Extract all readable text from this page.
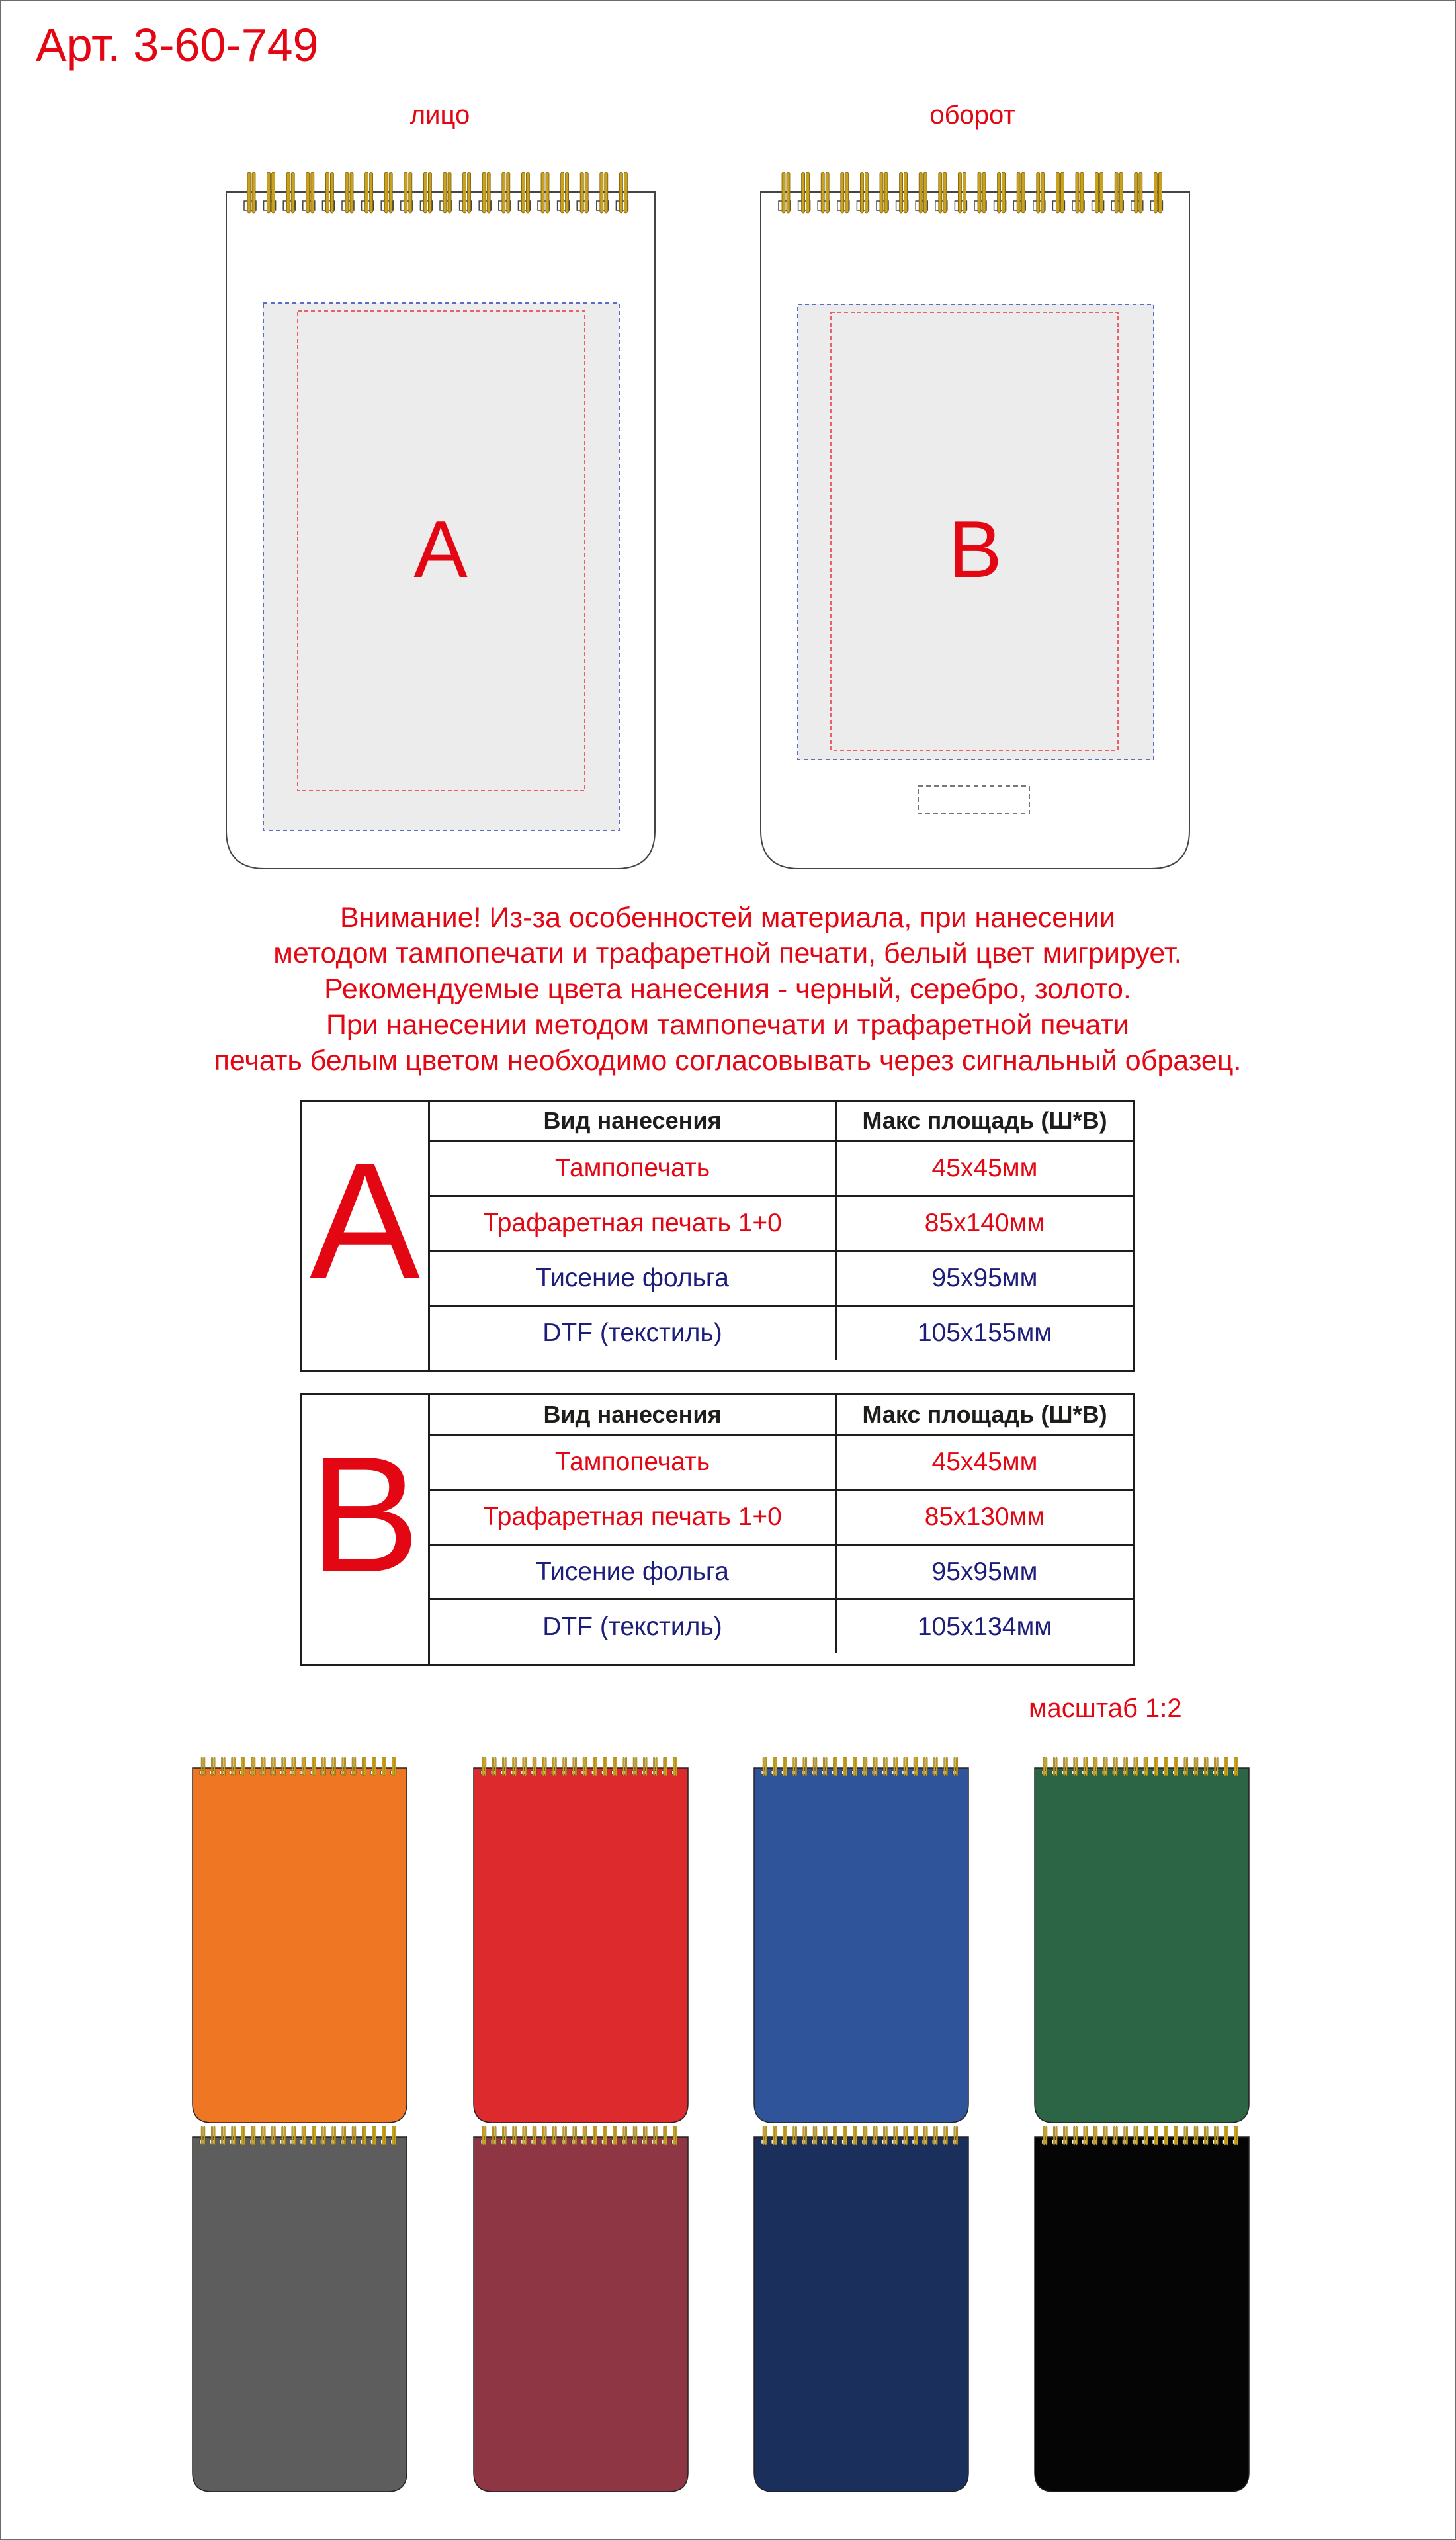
Арт. 3-60-749
лицо	оборот
A	B

Внимание! Из-за особенностей материала, при нанесении

методом тампопечати и трафаретной печати, белый цвет мигрирует.

Рекомендуемые цвета нанесения - черный, серебро, золото.

При нанесении методом тампопечати и трафаретной печати

печать белым цветом необходимо согласовывать через сигнальный образец.

A
Вид нанесения	Макс площадь (Ш*В)
Тампопечать	45x45мм
Трафаретная печать 1+0	85x140мм
Тисение фольга	95x95мм
DTF (текстиль)	105x155мм
B
Вид нанесения	Макс площадь (Ш*В)
Тампопечать	45x45мм
Трафаретная печать 1+0	85x130мм
Тисение фольга	95x95мм
DTF (текстиль)	105x134мм
масштаб 1:2
